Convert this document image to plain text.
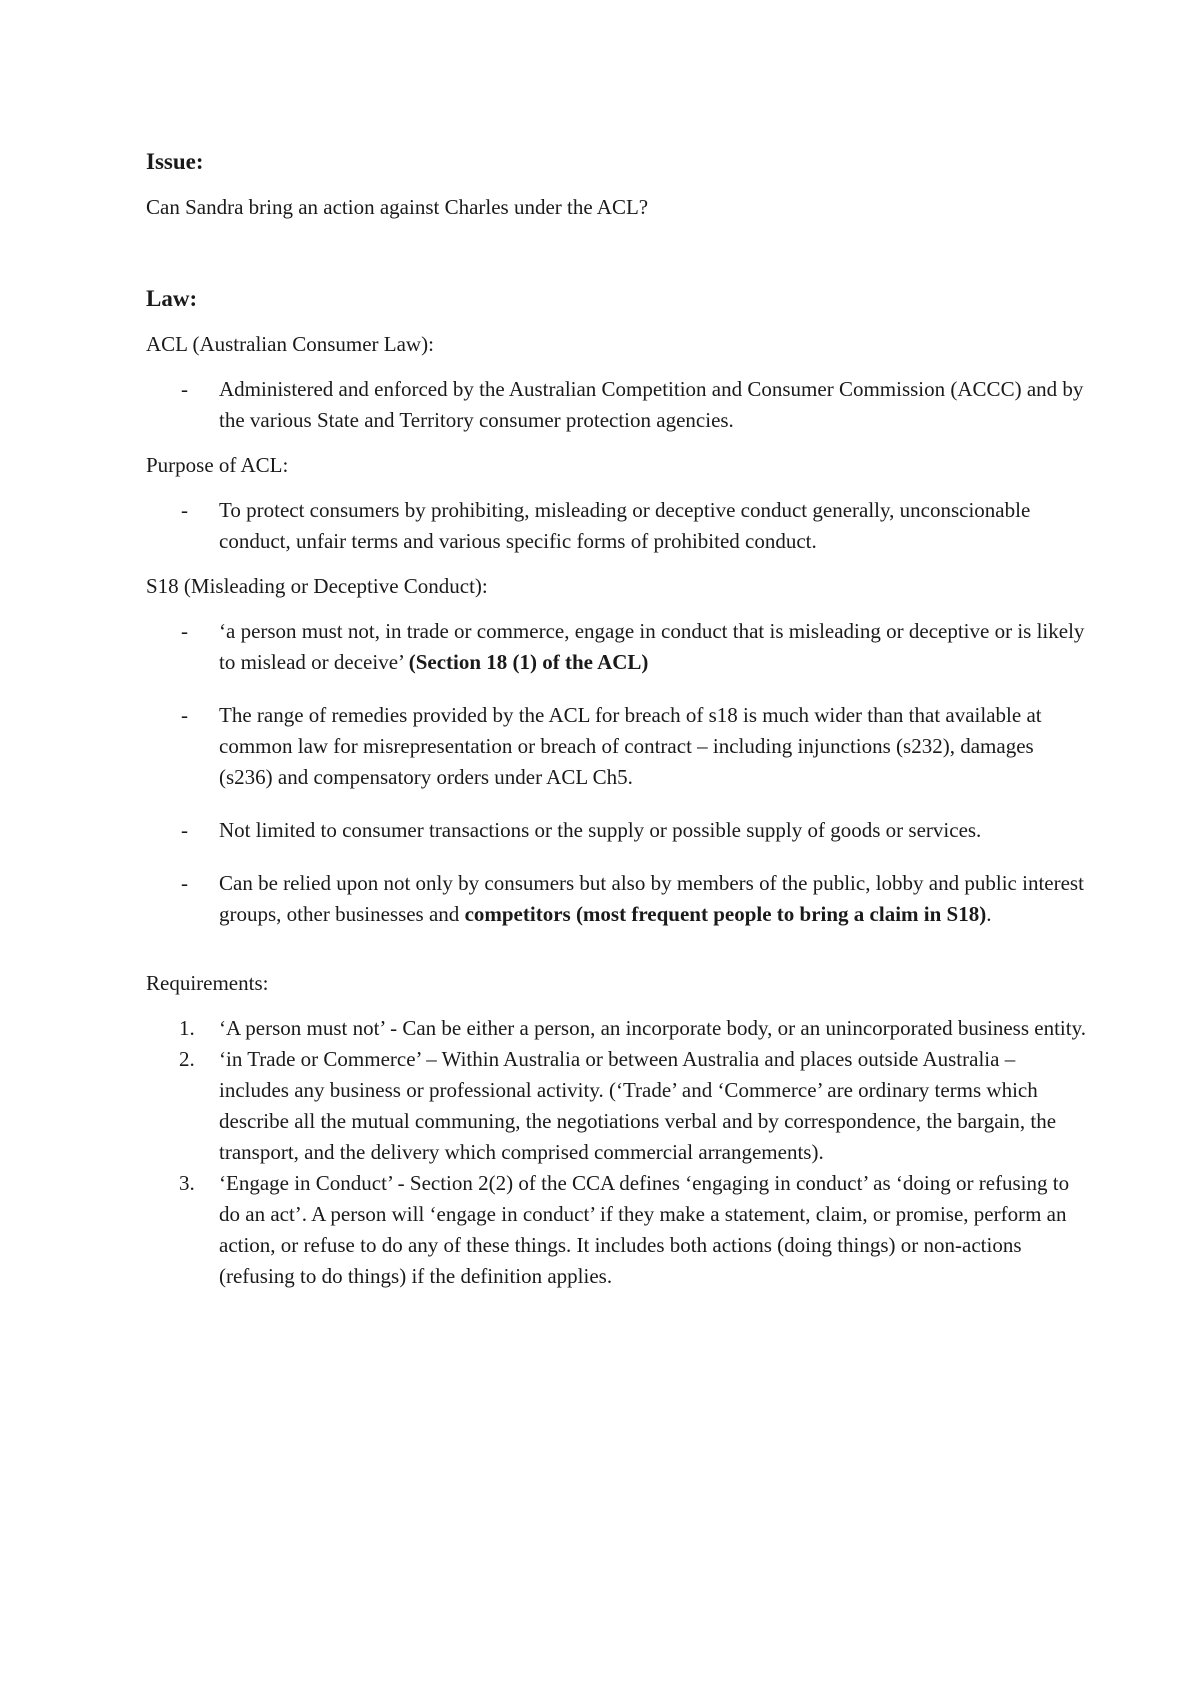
Issue:

Can Sandra bring an action against Charles under the ACL?

Law:

ACL (Australian Consumer Law):

- Administered and enforced by the Australian Competition and Consumer Commission (ACCC) and by the various State and Territory consumer protection agencies.

Purpose of ACL:

- To protect consumers by prohibiting, misleading or deceptive conduct generally, unconscionable conduct, unfair terms and various specific forms of prohibited conduct.

S18 (Misleading or Deceptive Conduct):

- ‘a person must not, in trade or commerce, engage in conduct that is misleading or deceptive or is likely to mislead or deceive’ (Section 18 (1) of the ACL)
- The range of remedies provided by the ACL for breach of s18 is much wider than that available at common law for misrepresentation or breach of contract – including injunctions (s232), damages (s236) and compensatory orders under ACL Ch5.
- Not limited to consumer transactions or the supply or possible supply of goods or services.
- Can be relied upon not only by consumers but also by members of the public, lobby and public interest groups, other businesses and competitors (most frequent people to bring a claim in S18).

Requirements:

1. ‘A person must not’ - Can be either a person, an incorporate body, or an unincorporated business entity.
2. ‘in Trade or Commerce’ – Within Australia or between Australia and places outside Australia – includes any business or professional activity. (‘Trade’ and ‘Commerce’ are ordinary terms which describe all the mutual communing, the negotiations verbal and by correspondence, the bargain, the transport, and the delivery which comprised commercial arrangements).
3. ‘Engage in Conduct’ - Section 2(2) of the CCA defines ‘engaging in conduct’ as ‘doing or refusing to do an act’. A person will ‘engage in conduct’ if they make a statement, claim, or promise, perform an action, or refuse to do any of these things. It includes both actions (doing things) or non-actions (refusing to do things) if the definition applies.
